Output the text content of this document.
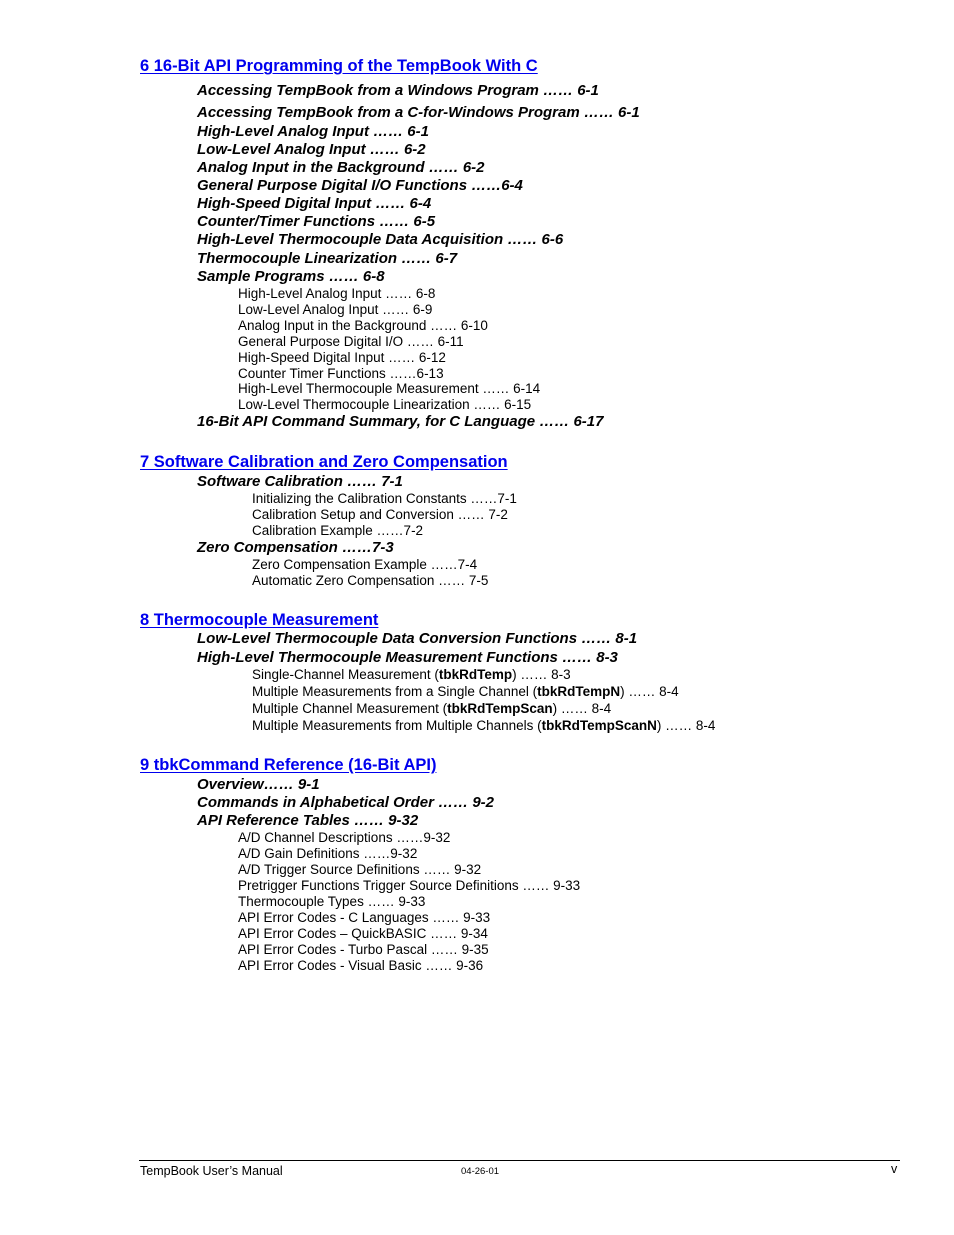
6 16-Bit API Programming of the TempBook With C
Accessing TempBook from a Windows Program …… 6-1
Accessing TempBook from a C-for-Windows Program …… 6-1
High-Level Analog Input …… 6-1
Low-Level Analog Input …… 6-2
Analog Input in the Background …… 6-2
General Purpose Digital I/O Functions ……6-4
High-Speed Digital Input …… 6-4
Counter/Timer Functions …… 6-5
High-Level Thermocouple Data Acquisition …… 6-6
Thermocouple Linearization …… 6-7
Sample Programs …… 6-8
High-Level Analog Input …… 6-8
Low-Level Analog Input …… 6-9
Analog Input in the Background …… 6-10
General Purpose Digital I/O …… 6-11
High-Speed Digital Input …… 6-12
Counter Timer Functions ……6-13
High-Level Thermocouple Measurement …… 6-14
Low-Level Thermocouple Linearization …… 6-15
16-Bit API Command Summary, for C Language …… 6-17
7 Software Calibration and Zero Compensation
Software Calibration …… 7-1
Initializing the Calibration Constants ……7-1
Calibration Setup and Conversion …… 7-2
Calibration Example ……7-2
Zero Compensation ……7-3
Zero Compensation Example ……7-4
Automatic Zero Compensation …… 7-5
8 Thermocouple Measurement
Low-Level Thermocouple Data Conversion Functions …… 8-1
High-Level Thermocouple Measurement Functions …… 8-3
Single-Channel Measurement (tbkRdTemp) …… 8-3
Multiple Measurements from a Single Channel (tbkRdTempN) …… 8-4
Multiple Channel Measurement (tbkRdTempScan) …… 8-4
Multiple Measurements from Multiple Channels (tbkRdTempScanN) …… 8-4
9 tbkCommand Reference (16-Bit API)
Overview…… 9-1
Commands in Alphabetical Order …… 9-2
API Reference Tables …… 9-32
A/D Channel Descriptions ……9-32
A/D Gain Definitions ……9-32
A/D Trigger Source Definitions …… 9-32
Pretrigger Functions Trigger Source Definitions …… 9-33
Thermocouple Types …… 9-33
API Error Codes - C Languages …… 9-33
API Error Codes – QuickBASIC …… 9-34
API Error Codes - Turbo Pascal …… 9-35
API Error Codes - Visual Basic …… 9-36
TempBook User’s Manual	04-26-01	v
